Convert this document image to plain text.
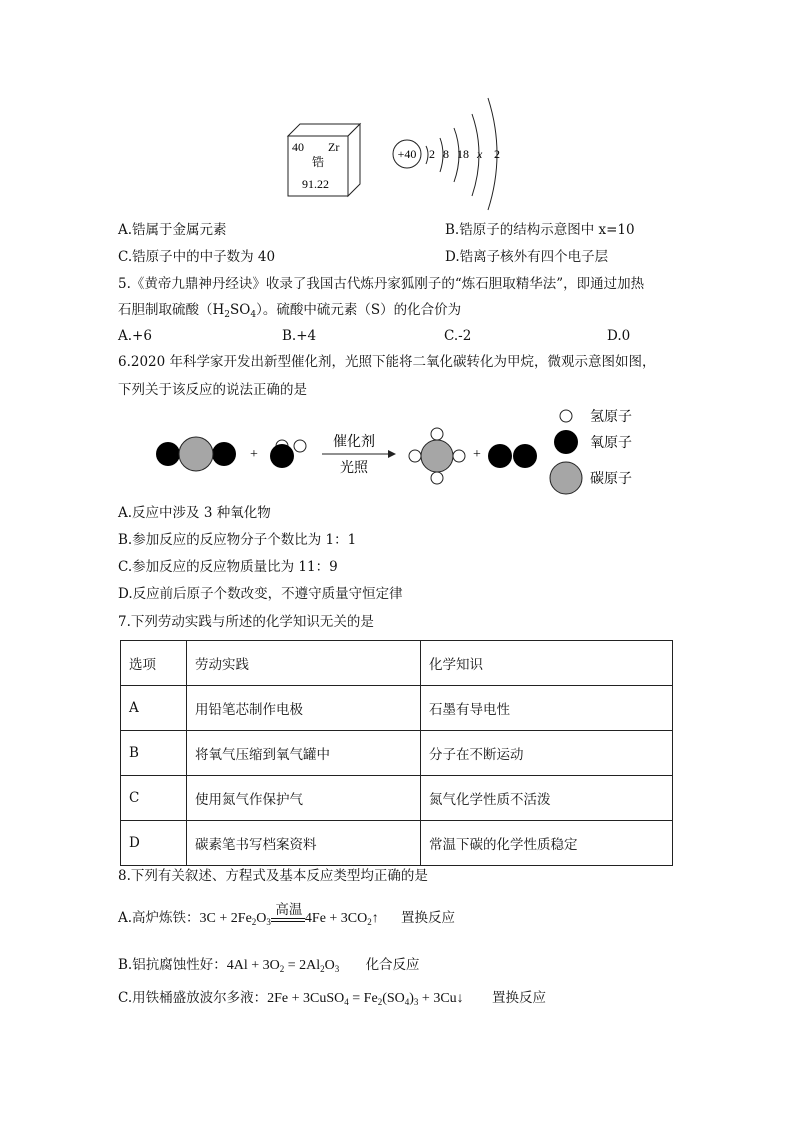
40 Zr
锆
91.22
+40 2 8 18 x 2
A.锆属于金属元素	B.锆原子的结构示意图中 x=10
C.锆原子中的中子数为 40	D.锆离子核外有四个电子层
5.《黄帝九鼎神丹经诀》收录了我国古代炼丹家狐刚子的“炼石胆取精华法”，即通过加热
石胆制取硫酸$(H_2SO_4)$。硫酸中硫元素（S）的化合价为
A.+6	B.+4	C.-2	D.0
6.2020 年科学家开发出新型催化剂，光照下能将二氧化碳转化为甲烷，微观示意图如图，
下列关于该反应的说法正确的是
+
催化剂
光照
+
氢原子
氧原子
碳原子
A.反应中涉及 3 种氧化物
B.参加反应的反应物分子个数比为 1：1
C.参加反应的反应物质量比为 11：9
D.反应前后原子个数改变，不遵守质量守恒定律
7.下列劳动实践与所述的化学知识无关的是
选项	劳动实践	化学知识
A	用铅笔芯制作电极	石墨有导电性
B	将氧气压缩到氧气罐中	分子在不断运动
C	使用氮气作保护气	氮气化学性质不活泼
D	碳素笔书写档案资料	常温下碳的化学性质稳定
8.下列有关叙述、方程式及基本反应类型均正确的是
A.高炉炼铁：$3C + 2Fe_2O_3$
高温
$4Fe + 3CO_2↑$ 置换反应
B.铝抗腐蚀性好：$4Al + 3O_2 = 2Al_2O_3$ 化合反应
C.用铁桶盛放波尔多液：2Fe + 3CuSO$_4$ = $Fe_2(SO_4)_3$ + 3Cu↓ 置换反应
